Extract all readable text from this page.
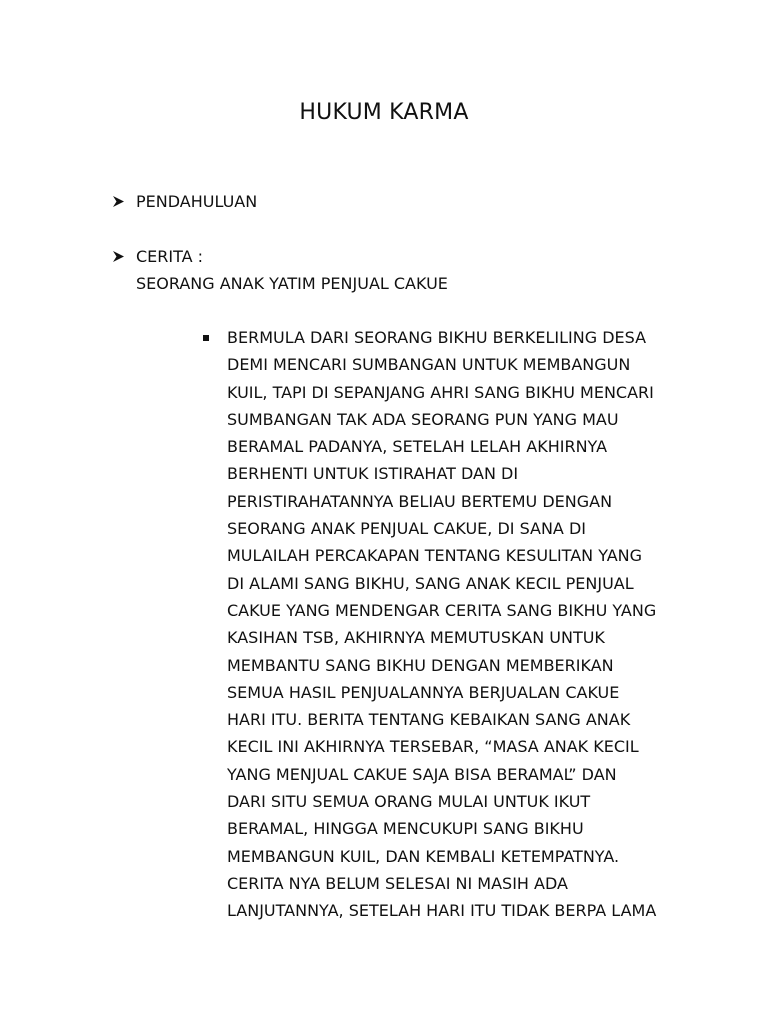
HUKUM KARMA
PENDAHULUAN
CERITA :
SEORANG ANAK YATIM PENJUAL CAKUE
BERMULA DARI SEORANG BIKHU BERKELILING DESA
DEMI MENCARI SUMBANGAN UNTUK MEMBANGUN
KUIL, TAPI DI SEPANJANG AHRI SANG BIKHU MENCARI
SUMBANGAN TAK ADA SEORANG PUN YANG MAU
BERAMAL PADANYA, SETELAH LELAH AKHIRNYA
BERHENTI UNTUK ISTIRAHAT DAN DI
PERISTIRAHATANNYA BELIAU BERTEMU DENGAN
SEORANG ANAK PENJUAL CAKUE, DI SANA DI
MULAILAH PERCAKAPAN TENTANG KESULITAN YANG
DI ALAMI SANG BIKHU, SANG ANAK KECIL PENJUAL
CAKUE YANG MENDENGAR CERITA SANG BIKHU YANG
KASIHAN TSB, AKHIRNYA MEMUTUSKAN UNTUK
MEMBANTU SANG BIKHU DENGAN MEMBERIKAN
SEMUA HASIL PENJUALANNYA BERJUALAN CAKUE
HARI ITU. BERITA TENTANG KEBAIKAN SANG ANAK
KECIL INI AKHIRNYA TERSEBAR, “MASA ANAK KECIL
YANG MENJUAL CAKUE SAJA BISA BERAMAL” DAN
DARI SITU SEMUA ORANG MULAI UNTUK IKUT
BERAMAL, HINGGA MENCUKUPI SANG BIKHU
MEMBANGUN KUIL, DAN KEMBALI KETEMPATNYA.
CERITA NYA BELUM SELESAI NI MASIH ADA
LANJUTANNYA, SETELAH HARI ITU TIDAK BERPA LAMA
